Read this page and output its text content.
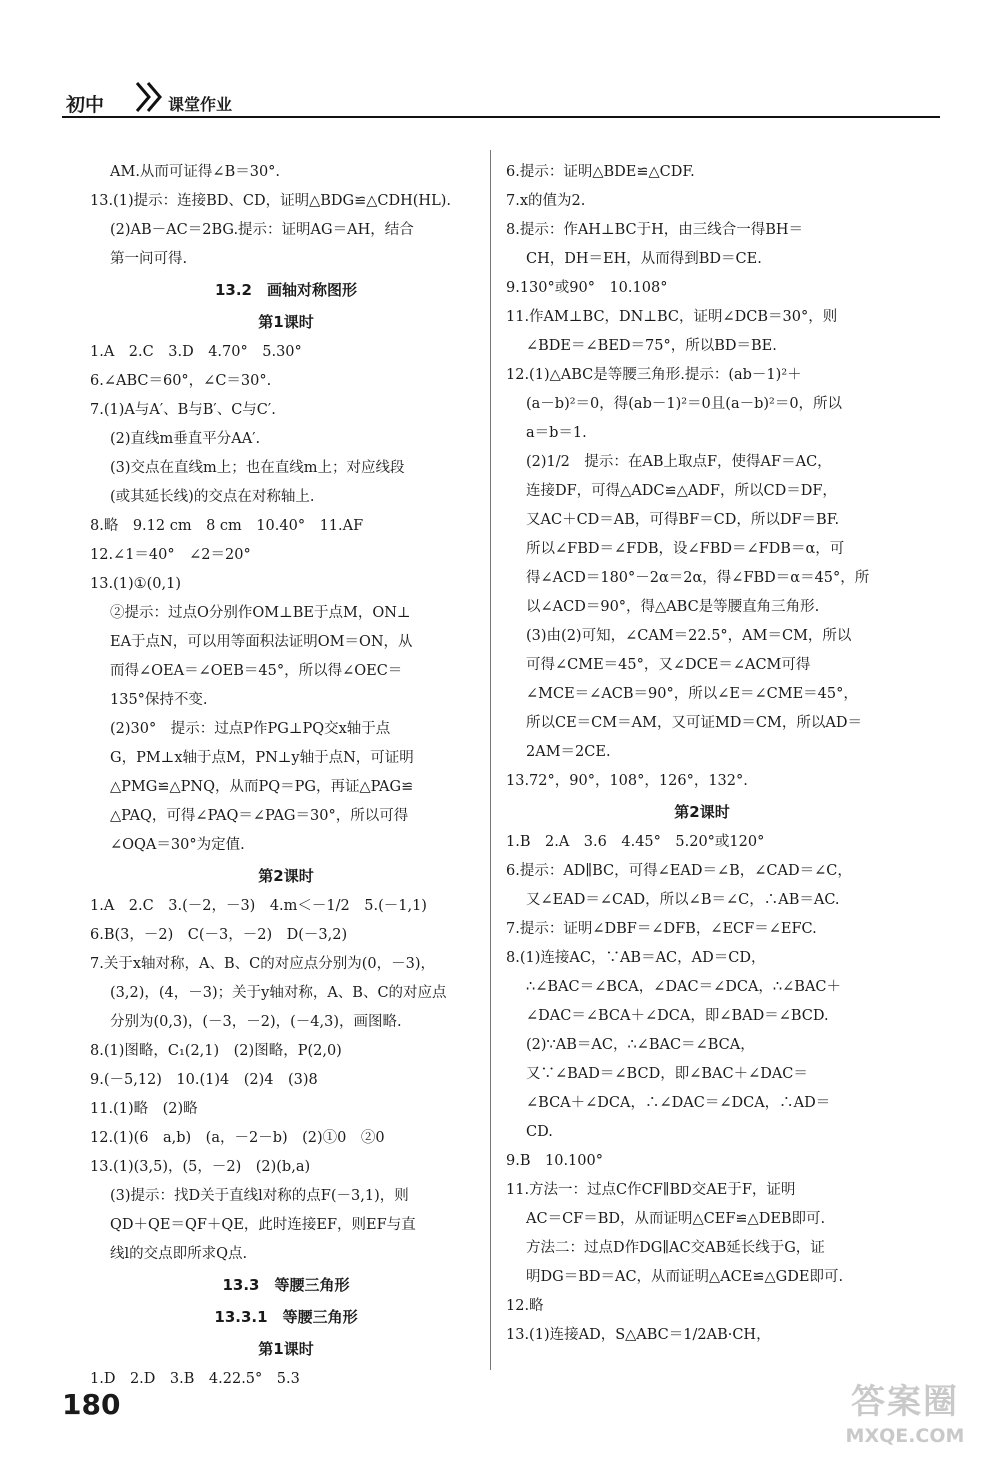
初中	课堂作业
AM.从而可证得∠B＝30°.
13.(1)提示：连接BD、CD，证明△BDG≌△CDH(HL).
(2)AB－AC＝2BG.提示：证明AG＝AH，结合
第一问可得.
13.2　画轴对称图形
第1课时
1.A　2.C　3.D　4.70°　5.30°
6.∠ABC＝60°，∠C＝30°.
7.(1)A与A′、B与B′、C与C′.
(2)直线m垂直平分AA′.
(3)交点在直线m上；也在直线m上；对应线段
(或其延长线)的交点在对称轴上.
8.略　9.12 cm　8 cm　10.40°　11.AF
12.∠1＝40°　∠2＝20°
13.(1)①(0,1)
②提示：过点O分别作OM⊥BE于点M，ON⊥
EA于点N，可以用等面积法证明OM＝ON，从
而得∠OEA＝∠OEB＝45°，所以得∠OEC＝
135°保持不变.
(2)30°　提示：过点P作PG⊥PQ交x轴于点
G，PM⊥x轴于点M，PN⊥y轴于点N，可证明
△PMG≌△PNQ，从而PQ＝PG，再证△PAG≌
△PAQ，可得∠PAQ＝∠PAG＝30°，所以可得
∠OQA＝30°为定值.
第2课时
1.A　2.C　3.(－2，－3)　4.m＜－1/2　5.(－1,1)
6.B(3，－2)　C(－3，－2)　D(－3,2)
7.关于x轴对称，A、B、C的对应点分别为(0，－3)，
(3,2)，(4，－3)；关于y轴对称，A、B、C的对应点
分别为(0,3)，(－3，－2)，(－4,3)，画图略.
8.(1)图略，C₁(2,1)　(2)图略，P(2,0)
9.(－5,12)　10.(1)4　(2)4　(3)8
11.(1)略　(2)略
12.(1)(6　a,b)　(a，－2－b)　(2)①0　②0
13.(1)(3,5)，(5，－2)　(2)(b,a)
(3)提示：找D关于直线l对称的点F(－3,1)，则
QD＋QE＝QF＋QE，此时连接EF，则EF与直
线l的交点即所求Q点.
13.3　等腰三角形
13.3.1　等腰三角形
第1课时
1.D　2.D　3.B　4.22.5°　5.3
6.提示：证明△BDE≌△CDF.
7.x的值为2.
8.提示：作AH⊥BC于H，由三线合一得BH＝
CH，DH＝EH，从而得到BD＝CE.
9.130°或90°　10.108°
11.作AM⊥BC，DN⊥BC，证明∠DCB＝30°，则
∠BDE＝∠BED＝75°，所以BD＝BE.
12.(1)△ABC是等腰三角形.提示：(ab－1)²＋
(a－b)²＝0，得(ab－1)²＝0且(a－b)²＝0，所以
a＝b＝1.
(2)1/2　提示：在AB上取点F，使得AF＝AC，
连接DF，可得△ADC≌△ADF，所以CD＝DF，
又AC＋CD＝AB，可得BF＝CD，所以DF＝BF.
所以∠FBD＝∠FDB，设∠FBD＝∠FDB＝α，可
得∠ACD＝180°－2α＝2α，得∠FBD＝α＝45°，所
以∠ACD＝90°，得△ABC是等腰直角三角形.
(3)由(2)可知，∠CAM＝22.5°，AM＝CM，所以
可得∠CME＝45°，又∠DCE＝∠ACM可得
∠MCE＝∠ACB＝90°，所以∠E＝∠CME＝45°，
所以CE＝CM＝AM，又可证MD＝CM，所以AD＝
2AM＝2CE.
13.72°，90°，108°，126°，132°.
第2课时
1.B　2.A　3.6　4.45°　5.20°或120°
6.提示：AD∥BC，可得∠EAD＝∠B，∠CAD＝∠C，
又∠EAD＝∠CAD，所以∠B＝∠C，∴AB＝AC.
7.提示：证明∠DBF＝∠DFB，∠ECF＝∠EFC.
8.(1)连接AC，∵AB＝AC，AD＝CD，
∴∠BAC＝∠BCA，∠DAC＝∠DCA，∴∠BAC＋
∠DAC＝∠BCA＋∠DCA，即∠BAD＝∠BCD.
(2)∵AB＝AC，∴∠BAC＝∠BCA，
又∵∠BAD＝∠BCD，即∠BAC＋∠DAC＝
∠BCA＋∠DCA，∴∠DAC＝∠DCA，∴AD＝
CD.
9.B　10.100°
11.方法一：过点C作CF∥BD交AE于F，证明
AC＝CF＝BD，从而证明△CEF≌△DEB即可.
方法二：过点D作DG∥AC交AB延长线于G，证
明DG＝BD＝AC，从而证明△ACE≌△GDE即可.
12.略
13.(1)连接AD，S△ABC＝1/2AB·CH，
180	答案圈
MXQE.COM
